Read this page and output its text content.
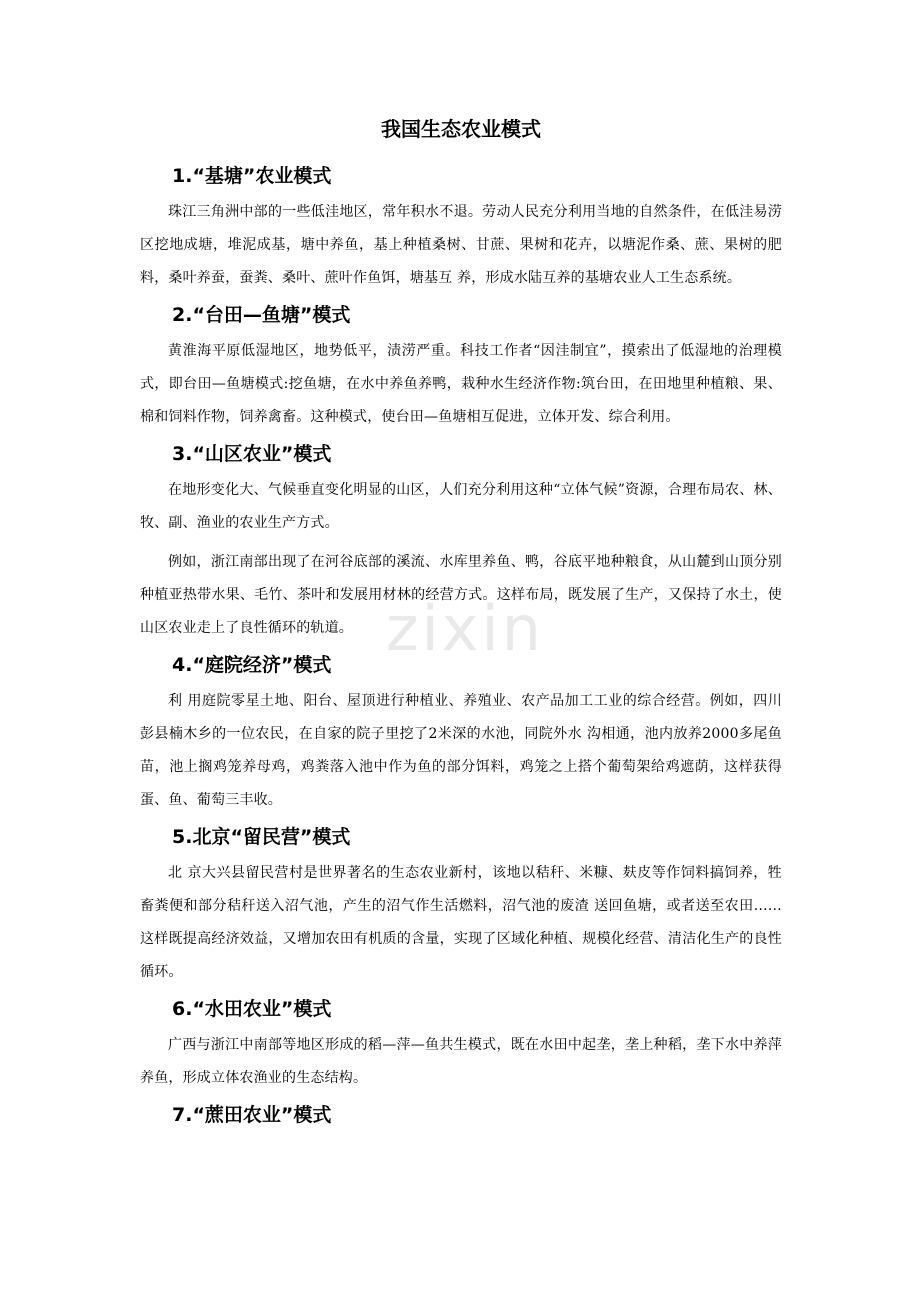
zixin
我国生态农业模式
1.“基塘”农业模式

珠江三角洲中部的一些低洼地区，常年积水不退。劳动人民充分利用当地的自然条件，在低洼易涝区挖地成塘，堆泥成基，塘中养鱼，基上种植桑树、甘蔗、果树和花卉，以塘泥作桑、蔗、果树的肥料，桑叶养蚕，蚕粪、桑叶、蔗叶作鱼饵，塘基互 养，形成水陆互养的基塘农业人工生态系统。

2.“台田—鱼塘”模式

黄淮海平原低湿地区，地势低平，渍涝严重。科技工作者“因洼制宜”，摸索出了低湿地的治理模式，即台田—鱼塘模式:挖鱼塘，在水中养鱼养鸭，栽种水生经济作物:筑台田，在田地里种植粮、果、棉和饲料作物，饲养禽畜。这种模式，使台田—鱼塘相互促进，立体开发、综合利用。

3.“山区农业”模式

在地形变化大、气候垂直变化明显的山区，人们充分利用这种“立体气候”资源，合理布局农、林、牧、副、渔业的农业生产方式。

例如，浙江南部出现了在河谷底部的溪流、水库里养鱼、鸭，谷底平地种粮食，从山麓到山顶分别种植亚热带水果、毛竹、茶叶和发展用材林的经营方式。这样布局，既发展了生产，又保持了水土，使山区农业走上了良性循环的轨道。

4.“庭院经济”模式

利 用庭院零星土地、阳台、屋顶进行种植业、养殖业、农产品加工工业的综合经营。例如，四川彭县楠木乡的一位农民，在自家的院子里挖了2米深的水池，同院外水 沟相通，池内放养2000多尾鱼苗，池上搁鸡笼养母鸡，鸡粪落入池中作为鱼的部分饵料，鸡笼之上搭个葡萄架给鸡遮荫，这样获得蛋、鱼、葡萄三丰收。

5.北京“留民营”模式

北 京大兴县留民营村是世界著名的生态农业新村，该地以秸秆、米糠、麸皮等作饲料搞饲养，牲畜粪便和部分秸秆送入沼气池，产生的沼气作生活燃料，沼气池的废渣 送回鱼塘，或者送至农田……这样既提高经济效益，又增加农田有机质的含量，实现了区域化种植、规模化经营、清洁化生产的良性循环。

6.“水田农业”模式

广西与浙江中南部等地区形成的稻—萍—鱼共生模式，既在水田中起垄，垄上种稻，垄下水中养萍养鱼，形成立体农渔业的生态结构。

7.“蔗田农业”模式
